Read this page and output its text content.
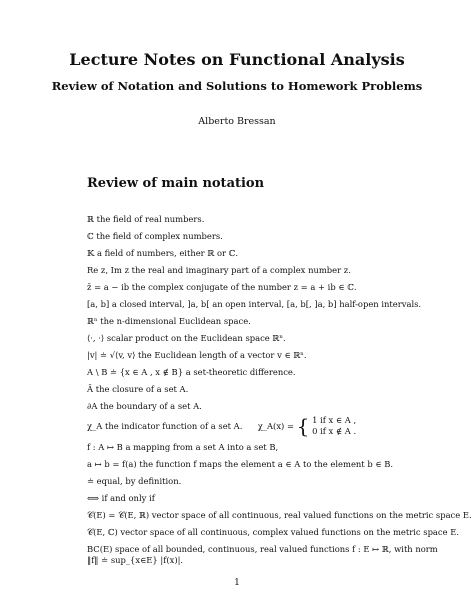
Lecture Notes on Functional Analysis
Review of Notation and Solutions to Homework Problems
Alberto Bressan
Review of main notation
ℝ the field of real numbers.
ℂ the field of complex numbers.
𝕂 a field of numbers, either ℝ or ℂ.
Re z, Im z the real and imaginary part of a complex number z.
z̄ = a − ib the complex conjugate of the number z = a + ib ∈ ℂ.
[a, b] a closed interval, ]a, b[ an open interval, [a, b[, ]a, b] half-open intervals.
ℝⁿ the n-dimensional Euclidean space.
⟨·, ·⟩ scalar product on the Euclidean space ℝⁿ.
|v| ≐ √⟨v, v⟩ the Euclidean length of a vector v ∈ ℝⁿ.
A \ B ≐ {x ∈ A , x ∉ B} a set-theoretic difference.
Ā the closure of a set A.
∂A the boundary of a set A.
χ_A the indicator function of a set A. χ_A(x) = { 1 if x ∈ A ,
0 if x ∉ A .
f : A ↦ B a mapping from a set A into a set B,
a ↦ b = f(a) the function f maps the element a ∈ A to the element b ∈ B.
≐ equal, by definition.
⟺ if and only if
𝒞(E) = 𝒞(E, ℝ) vector space of all continuous, real valued functions on the metric space E.
𝒞(E, ℂ) vector space of all continuous, complex valued functions on the metric space E.
BC(E) space of all bounded, continuous, real valued functions f : E ↦ ℝ, with norm
‖f‖ ≐ sup_{x∈E} |f(x)|.
1
